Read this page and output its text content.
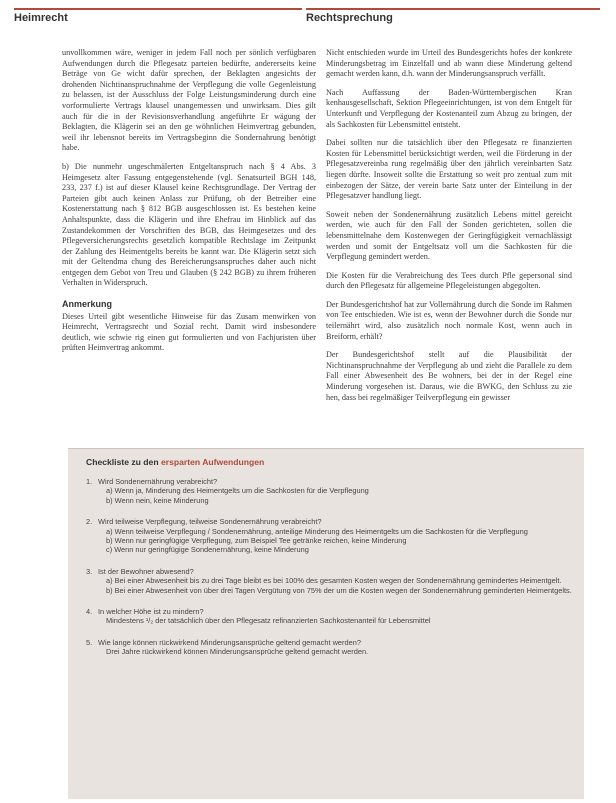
Heimrecht	Rechtsprechung

unvollkommen wäre, weniger in jedem Fall noch per sönlich verfügbaren Aufwendungen durch die Pflegesatz parteien bedürfte, andererseits keine Beträge von Ge wicht dafür sprechen, der Beklagten angesichts der drohenden Nichtinanspruchnahme der Verpflegung die volle Gegenleistung zu belassen, ist der Ausschluss der Folge Leistungsminderung durch eine vorformulierte Vertrags klausel unangemessen und unwirksam. Dies gilt auch für die in der Revisionsverhandlung angeführte Er wägung der Beklagten, die Klägerin sei an den ge wöhnlichen Heimvertrag gebunden, weil ihr lebensnot bereits im Vertragsbeginn die Sondernahrung benötigt habe.

b) Die nunmehr ungeschmälerten Entgeltanspruch nach § 4 Abs. 3 Heimgesetz alter Fassung entgegenstehende (vgl. Senatsurteil BGH 148, 233, 237 f.) ist auf dieser Klausel keine Rechtsgrundlage. Der Vertrag der Parteien gibt auch keinen Anlass zur Prüfung, ob der Betreiber eine Kostenerstattung nach § 812 BGB ausgeschlossen ist. Es bestehen keine Anhaltspunkte, dass die Klägerin und ihre Ehefrau im Hinblick auf das Zustandekommen der Vorschriften des BGB, das Heimgesetzes und des Pflegeversicherungsrechts gesetzlich kompatible Rechtslage im Zeitpunkt der Zahlung des Heimentgelts bereits be kannt war. Die Klägerin setzt sich mit der Geltendma chung des Bereicherungsanspruches daher auch nicht entgegen dem Gebot von Treu und Glauben (§ 242 BGB) zu ihrem früheren Verhalten in Widerspruch.

Anmerkung

Dieses Urteil gibt wesentliche Hinweise für das Zusam menwirken von Heimrecht, Vertragsrecht und Sozial recht. Damit wird insbesondere deutlich, wie schwie rig einen gut formulierten und von Fachjuristen über prüften Heimvertrag ankommt.

Nicht entschieden wurde im Urteil des Bundesgerichts hofes der konkrete Minderungsbetrag im Einzelfall und ab wann diese Minderung geltend gemacht werden kann, d.h. wann der Minderungsanspruch verfällt.

Nach Auffassung der Baden-Württembergischen Kran kenhausgesellschaft, Sektion Pflegeeinrichtungen, ist von dem Entgelt für Unterkunft und Verpflegung der Kostenanteil zum Abzug zu bringen, der als Sachkosten für Lebensmittel entsteht.

Dabei sollten nur die tatsächlich über den Pflegesatz re finanzierten Kosten für Lebensmittel berücksichtigt werden, weil die Förderung in der Pflegesatzvereinba rung regelmäßig über den jährlich vereinbarten Satz liegen dürfte. Insoweit sollte die Erstattung so weit pro zentual zum mit einbezogen der Sätze, der verein barte Satz unter der Einteilung in der Pflegesatzver handlung liegt.

Soweit neben der Sondenernährung zusätzlich Lebens mittel gereicht werden, wie auch für den Fall der Sonden gerichteten, sollen die lebensmittelnahe dem Kostenwegen der Geringfügigkeit vernachlässigt werden und somit der Entgeltsatz voll um die Sachkosten für die Verpflegung gemindert werden.

Die Kosten für die Verabreichung des Tees durch Pfle gepersonal sind durch den Pflegesatz für allgemeine Pflegeleistungen abgegolten.

Der Bundesgerichtshof hat zur Vollernährung durch die Sonde im Rahmen von Tee entschieden. Wie ist es, wenn der Bewohner durch die Sonde nur teilernährt wird, also zusätzlich noch normale Kost, wenn auch in Breiform, erhält?

Der Bundesgerichtshof stellt auf die Plausibilität der Nichtinanspruchnahme der Verpflegung ab und zieht die Parallele zu dem Fall einer Abwesenheit des Be wohners, bei der in der Regel eine Minderung vorgesehen ist. Daraus, wie die BWKG, den Schluss zu zie hen, dass bei regelmäßiger Teilverpflegung ein gewisser

Checkliste zu den ersparten Aufwendungen
1. Wird Sondenernährung verabreicht?
a) Wenn ja, Minderung des Heimentgelts um die Sachkosten für die Verpflegung
b) Wenn nein, keine Minderung
2. Wird teilweise Verpflegung, teilweise Sondenernährung verabreicht?
a) Wenn teilweise Verpflegung / Sondenernährung, anteilige Minderung des Heimentgelts um die Sachkosten für die Verpflegung
b) Wenn nur geringfügige Verpflegung, zum Beispiel Tee getränke reichen, keine Minderung
c) Wenn nur geringfügige Sondenernährung, keine Minderung
3. Ist der Bewohner abwesend?
a) Bei einer Abwesenheit bis zu drei Tage bleibt es bei 100% des gesamten Kosten wegen der Sondenernährung gemindertes Heimentgelt.
b) Bei einer Abwesenheit von über drei Tagen Vergütung von 75% der um die Kosten wegen der Sondenernährung geminderten Heimentgelts.
4. In welcher Höhe ist zu mindern?
Mindestens ¹/₂ der tatsächlich über den Pflegesatz refinanzierten Sachkostenanteil für Lebensmittel
5. Wie lange können rückwirkend Minderungsansprüche geltend gemacht werden?
Drei Jahre rückwirkend können Minderungsansprüche geltend gemacht werden.
